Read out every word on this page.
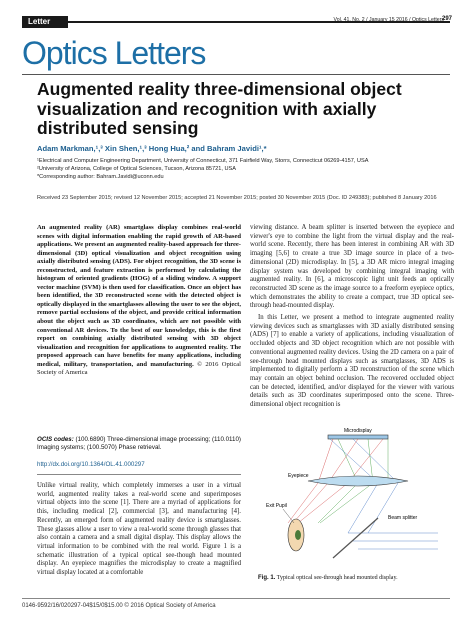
Letter	Vol. 41, No. 2 / January 15 2016 / Optics Letters
297
Optics Letters
Augmented reality three-dimensional object visualization and recognition with axially distributed sensing
Adam Markman,¹,³ Xin Shen,¹,³ Hong Hua,² and Bahram Javidi¹,*
¹Electrical and Computer Engineering Department, University of Connecticut, 371 Fairfield Way, Storrs, Connecticut 06269-4157, USA
²University of Arizona, College of Optical Sciences, Tucson, Arizona 85721, USA
*Corresponding author: Bahram.Javidi@uconn.edu
Received 23 September 2015; revised 12 November 2015; accepted 21 November 2015; posted 30 November 2015 (Doc. ID 249383); published 8 January 2016
An augmented reality (AR) smartglass display combines real-world scenes with digital information enabling the rapid growth of AR-based applications. We present an augmented reality-based approach for three-dimensional (3D) optical visualization and object recognition using axially distributed sensing (ADS). For object recognition, the 3D scene is reconstructed, and feature extraction is performed by calculating the histogram of oriented gradients (HOG) of a sliding window. A support vector machine (SVM) is then used for classification. Once an object has been identified, the 3D reconstructed scene with the detected object is optically displayed in the smartglasses allowing the user to see the object, remove partial occlusions of the object, and provide critical information about the object such as 3D coordinates, which are not possible with conventional AR devices. To the best of our knowledge, this is the first report on combining axially distributed sensing with 3D object visualization and recognition for applications to augmented reality. The proposed approach can have benefits for many applications, including medical, military, transportation, and manufacturing. © 2016 Optical Society of America
OCIS codes: (100.6890) Three-dimensional image processing; (110.0110) Imaging systems; (100.5070) Phase retrieval.
http://dx.doi.org/10.1364/OL.41.000297
Unlike virtual reality, which completely immerses a user in a virtual world, augmented reality takes a real-world scene and superimposes virtual objects into the scene [1]. There are a myriad of applications for this, including medical [2], commercial [3], and manufacturing [4]. Recently, an emerged form of augmented reality device is smartglasses. These glasses allow a user to view a real-world scene through glasses that also contain a camera and a small digital display. This display allows the virtual information to be combined with the real world. Figure 1 is a schematic illustration of a typical optical see-though head mounted display. An eyepiece magnifies the microdisplay to create a magnified virtual display located at a comfortable
viewing distance. A beam splitter is inserted between the eyepiece and viewer's eye to combine the light from the virtual display and the real-world scene. Recently, there has been interest in combining AR with 3D imaging [5,6] to create a true 3D image source in place of a two-dimensional (2D) microdisplay. In [5], a 3D AR micro integral imaging display system was developed by combining integral imaging with augmented reality. In [6], a microscopic light unit feeds an optically reconstructed 3D scene as the image source to a freeform eyepiece optics, which demonstrates the ability to create a compact, true 3D optical see-through head-mounted display.
In this Letter, we present a method to integrate augmented reality viewing devices such as smartglasses with 3D axially distributed sensing (ADS) [7] to enable a variety of applications, including visualization of occluded objects and 3D object recognition which are not possible with conventional augmented reality devices. Using the 2D camera on a pair of see-through head mounted displays such as smartglasses, 3D ADS is implemented to digitally perform a 3D reconstruction of the scene which may contain an object behind occlusion. The recovered occluded object can be detected, identified, and/or displayed for the viewer with various details such as 3D coordinates superimposed onto the scene. Three-dimensional object recognition is
Microdisplay
Eyepiece
Beam splitter
Exit Pupil
Fig. 1. Typical optical see-through head mounted display.
0146-9592/16/020297-04$15/0$15.00 © 2016 Optical Society of America
